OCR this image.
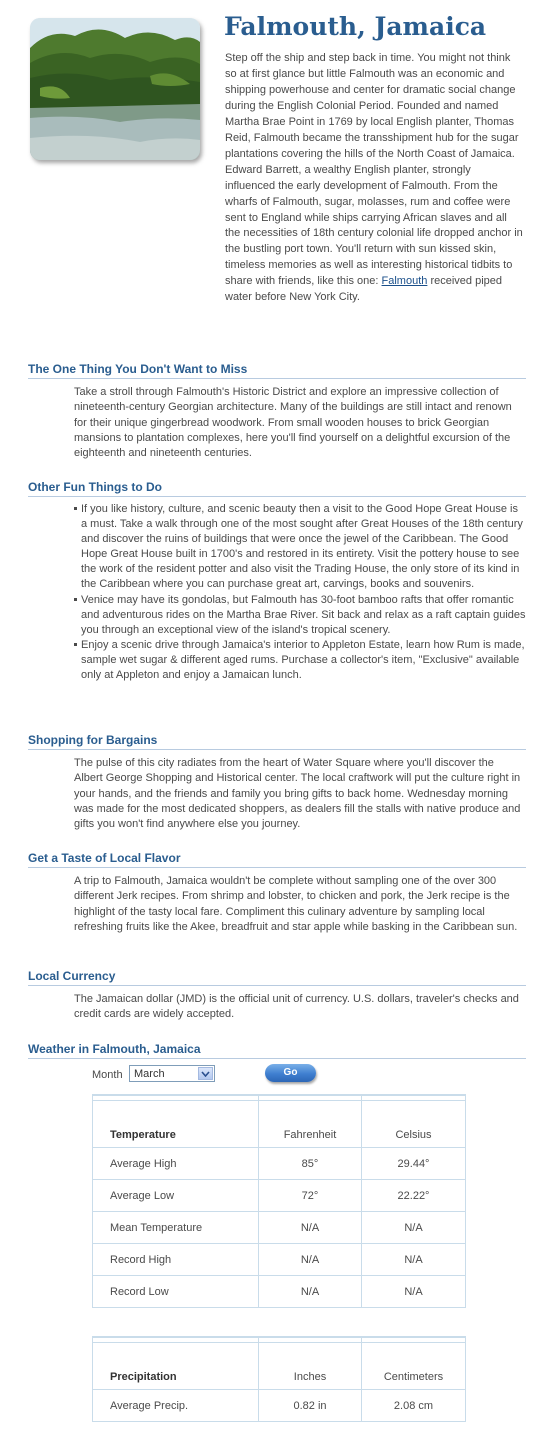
Falmouth, Jamaica

Step off the ship and step back in time. You might not think so at first glance but little Falmouth was an economic and shipping powerhouse and center for dramatic social change during the English Colonial Period. Founded and named Martha Brae Point in 1769 by local English planter, Thomas Reid, Falmouth became the transshipment hub for the sugar plantations covering the hills of the North Coast of Jamaica. Edward Barrett, a wealthy English planter, strongly influenced the early development of Falmouth. From the wharfs of Falmouth, sugar, molasses, rum and coffee were sent to England while ships carrying African slaves and all the necessities of 18th century colonial life dropped anchor in the bustling port town. You'll return with sun kissed skin, timeless memories as well as interesting historical tidbits to share with friends, like this one: Falmouth received piped water before New York City.

The One Thing You Don't Want to Miss

Take a stroll through Falmouth's Historic District and explore an impressive collection of nineteenth-century Georgian architecture. Many of the buildings are still intact and renown for their unique gingerbread woodwork. From small wooden houses to brick Georgian mansions to plantation complexes, here you'll find yourself on a delightful excursion of the eighteenth and nineteenth centuries.

Other Fun Things to Do
If you like history, culture, and scenic beauty then a visit to the Good Hope Great House is a must. Take a walk through one of the most sought after Great Houses of the 18th century and discover the ruins of buildings that were once the jewel of the Caribbean. The Good Hope Great House built in 1700's and restored in its entirety. Visit the pottery house to see the work of the resident potter and also visit the Trading House, the only store of its kind in the Caribbean where you can purchase great art, carvings, books and souvenirs.
Venice may have its gondolas, but Falmouth has 30-foot bamboo rafts that offer romantic and adventurous rides on the Martha Brae River. Sit back and relax as a raft captain guides you through an exceptional view of the island's tropical scenery.
Enjoy a scenic drive through Jamaica's interior to Appleton Estate, learn how Rum is made, sample wet sugar & different aged rums. Purchase a collector's item, "Exclusive" available only at Appleton and enjoy a Jamaican lunch.
Shopping for Bargains

The pulse of this city radiates from the heart of Water Square where you'll discover the Albert George Shopping and Historical center. The local craftwork will put the culture right in your hands, and the friends and family you bring gifts to back home. Wednesday morning was made for the most dedicated shoppers, as dealers fill the stalls with native produce and gifts you won't find anywhere else you journey.

Get a Taste of Local Flavor

A trip to Falmouth, Jamaica wouldn't be complete without sampling one of the over 300 different Jerk recipes. From shrimp and lobster, to chicken and pork, the Jerk recipe is the highlight of the tasty local fare. Compliment this culinary adventure by sampling local refreshing fruits like the Akee, breadfruit and star apple while basking in the Caribbean sun.

Local Currency

The Jamaican dollar (JMD) is the official unit of currency. U.S. dollars, traveler's checks and credit cards are widely accepted.

Weather in Falmouth, Jamaica
Month March	Go

Temperature	Fahrenheit	Celsius
Average High	85°	29.44°
Average Low	72°	22.22°
Mean Temperature	N/A	N/A
Record High	N/A	N/A
Record Low	N/A	N/A

Precipitation	Inches	Centimeters
Average Precip.	0.82 in	2.08 cm
